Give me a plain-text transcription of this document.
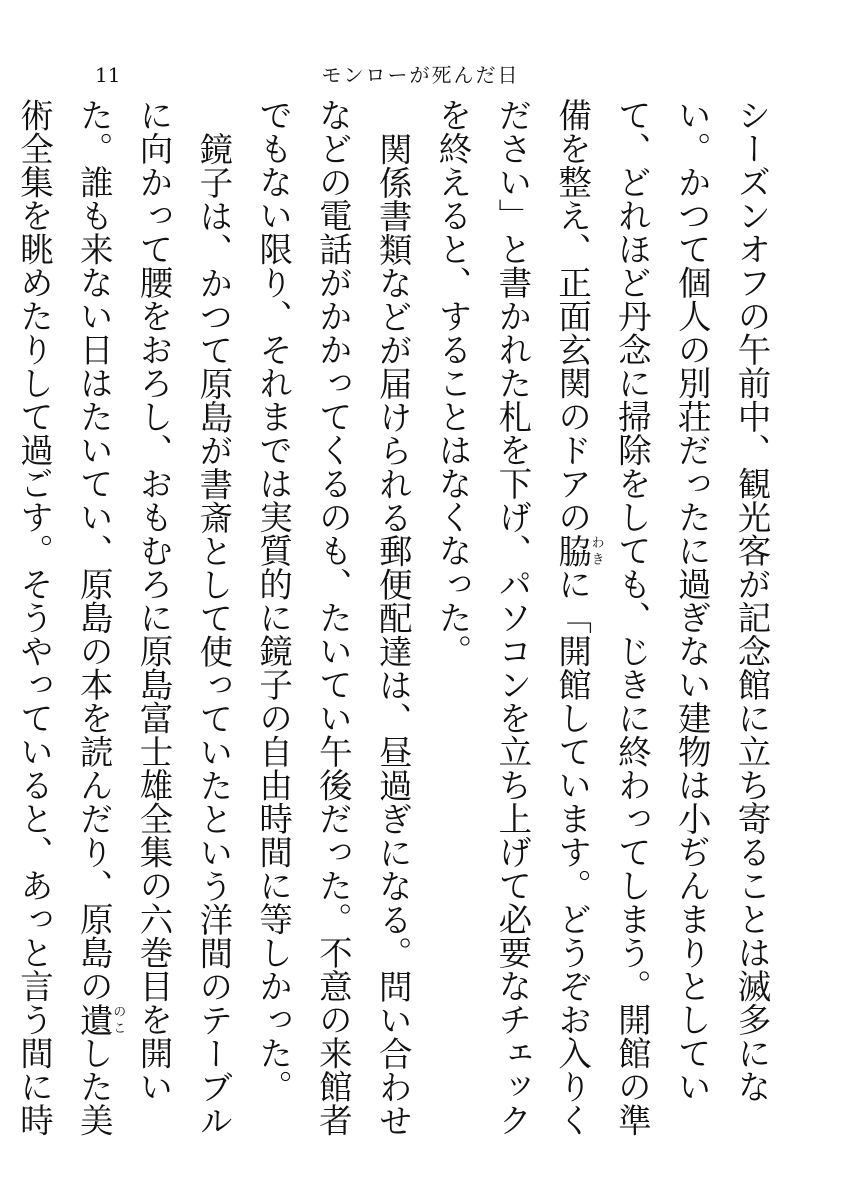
11	モンローが死んだ日

シーズンオフの午前中、観光客が記念館に立ち寄ることは滅多にない。かつて個人の別荘だったに過ぎない建物は小ぢんまりとしていて、どれほど丹念に掃除をしても、じきに終わってしまう。開館の準備を整え、正面玄関のドアの脇わきに「開館しています。どうぞお入りください」と書かれた札を下げ、パソコンを立ち上げて必要なチェックを終えると、することはなくなった。

関係書類などが届けられる郵便配達は、昼過ぎになる。問い合わせなどの電話がかかってくるのも、たいてい午後だった。不意の来館者でもない限り、それまでは実質的に鏡子の自由時間に等しかった。

鏡子は、かつて原島が書斎として使っていたという洋間のテーブルに向かって腰をおろし、おもむろに原島富士雄全集の六巻目を開いた。誰も来ない日はたいてい、原島の本を読んだり、原島の遺のこした美術全集を眺めたりして過ごす。そうやっていると、あっと言う間に時
